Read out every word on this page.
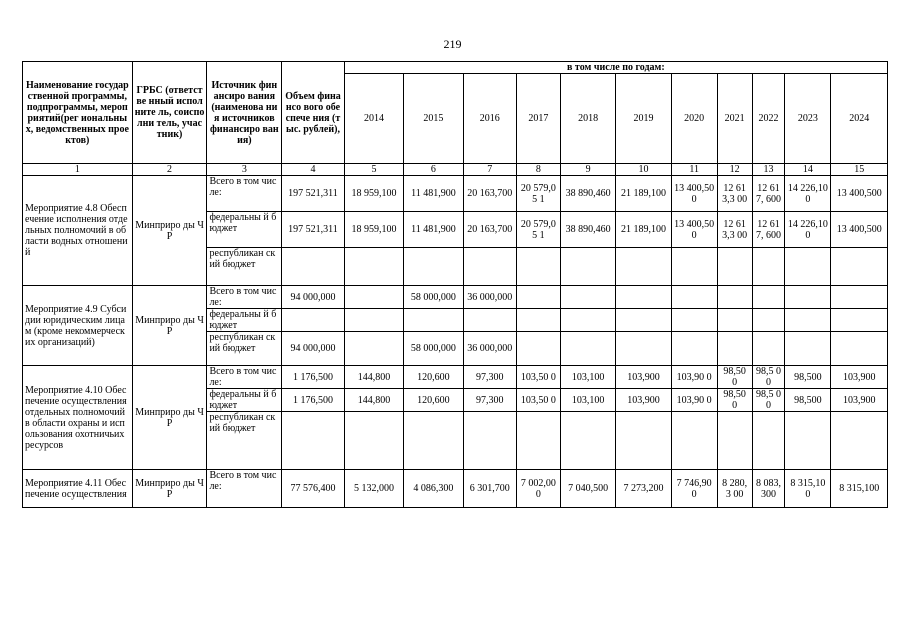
219
Наименование государственной программы, подпрограммы, мероприятий(рег иональных, ведомственных проектов)	ГРБС (ответстве нный исполните ль, соисполни тель, участник)	Источник финансиро вания (наименова ния источников финансиро вания)	Объем финансо вого обеспече ния (тыс. рублей),	в том числе по годам:										
				2014	2015	2016	2017	2018	2019	2020	2021	2022	2023	2024
1	2	3	4	5	6	7	8	9	10	11	12	13	14	15
Мероприятие 4.8 Обеспечение исполнения отдельных полномочий в области водных отношений	Минприро ды ЧР	Всего в том числе:	197 521,311	18 959,100	11 481,900	20 163,700	20 579,05 1	38 890,460	21 189,100	13 400,50 0	12 613,3 00	12 617, 600	14 226,10 0	13 400,500
		федеральны й бюджет	197 521,311	18 959,100	11 481,900	20 163,700	20 579,05 1	38 890,460	21 189,100	13 400,50 0	12 613,3 00	12 617, 600	14 226,10 0	13 400,500
		республикан ский бюджет												
Мероприятие 4.9 Субсидии юридическим лицам (кроме некоммерческих организаций)	Минприро ды ЧР	Всего в том числе:	94 000,000		58 000,000	36 000,000								
		федеральны й бюджет												
		республикан ский бюджет	94 000,000		58 000,000	36 000,000								
Мероприятие 4.10 Обеспечение осуществления отдельных полномочий в области охраны и использования охотничьих ресурсов	Минприро ды ЧР	Всего в том числе:	1 176,500	144,800	120,600	97,300	103,50 0	103,100	103,900	103,90 0	98,50 0	98,5 00	98,500	103,900
		федеральны й бюджет	1 176,500	144,800	120,600	97,300	103,50 0	103,100	103,900	103,90 0	98,50 0	98,5 00	98,500	103,900
		республикан ский бюджет												
Мероприятие 4.11 Обеспечение осуществления	Минприро ды ЧР	Всего в том числе:	77 576,400	5 132,000	4 086,300	6 301,700	7 002,00 0	7 040,500	7 273,200	7 746,90 0	8 280,3 00	8 083, 300	8 315,10 0	8 315,100
